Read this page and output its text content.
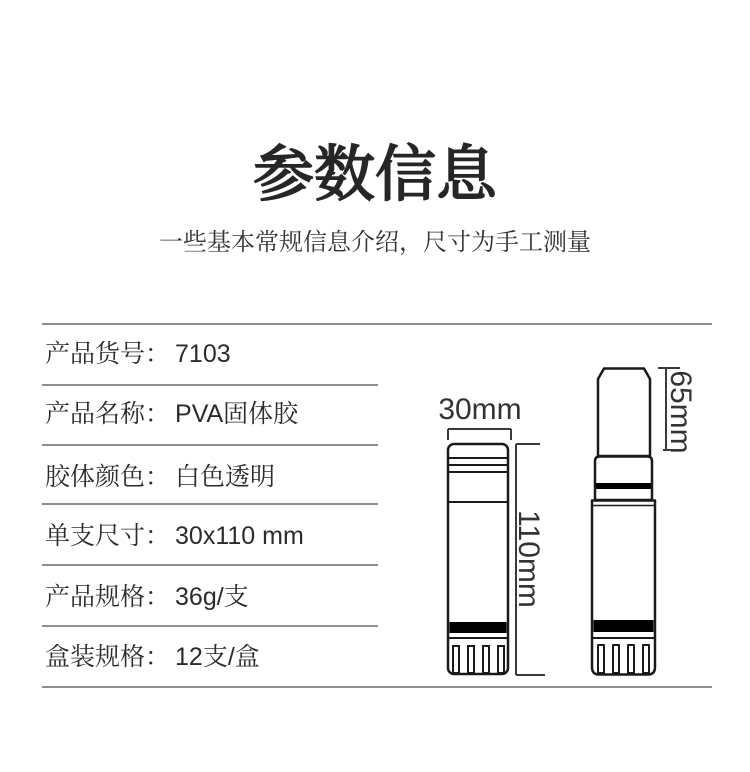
参数信息
一些基本常规信息介绍，尺寸为手工测量
产品货号： 7103
产品名称： PVA固体胶
胶体颜色： 白色透明
单支尺寸： 30x110 mm
产品规格： 36g/支
盒装规格： 12支/盒
30mm
110mm
65mm
